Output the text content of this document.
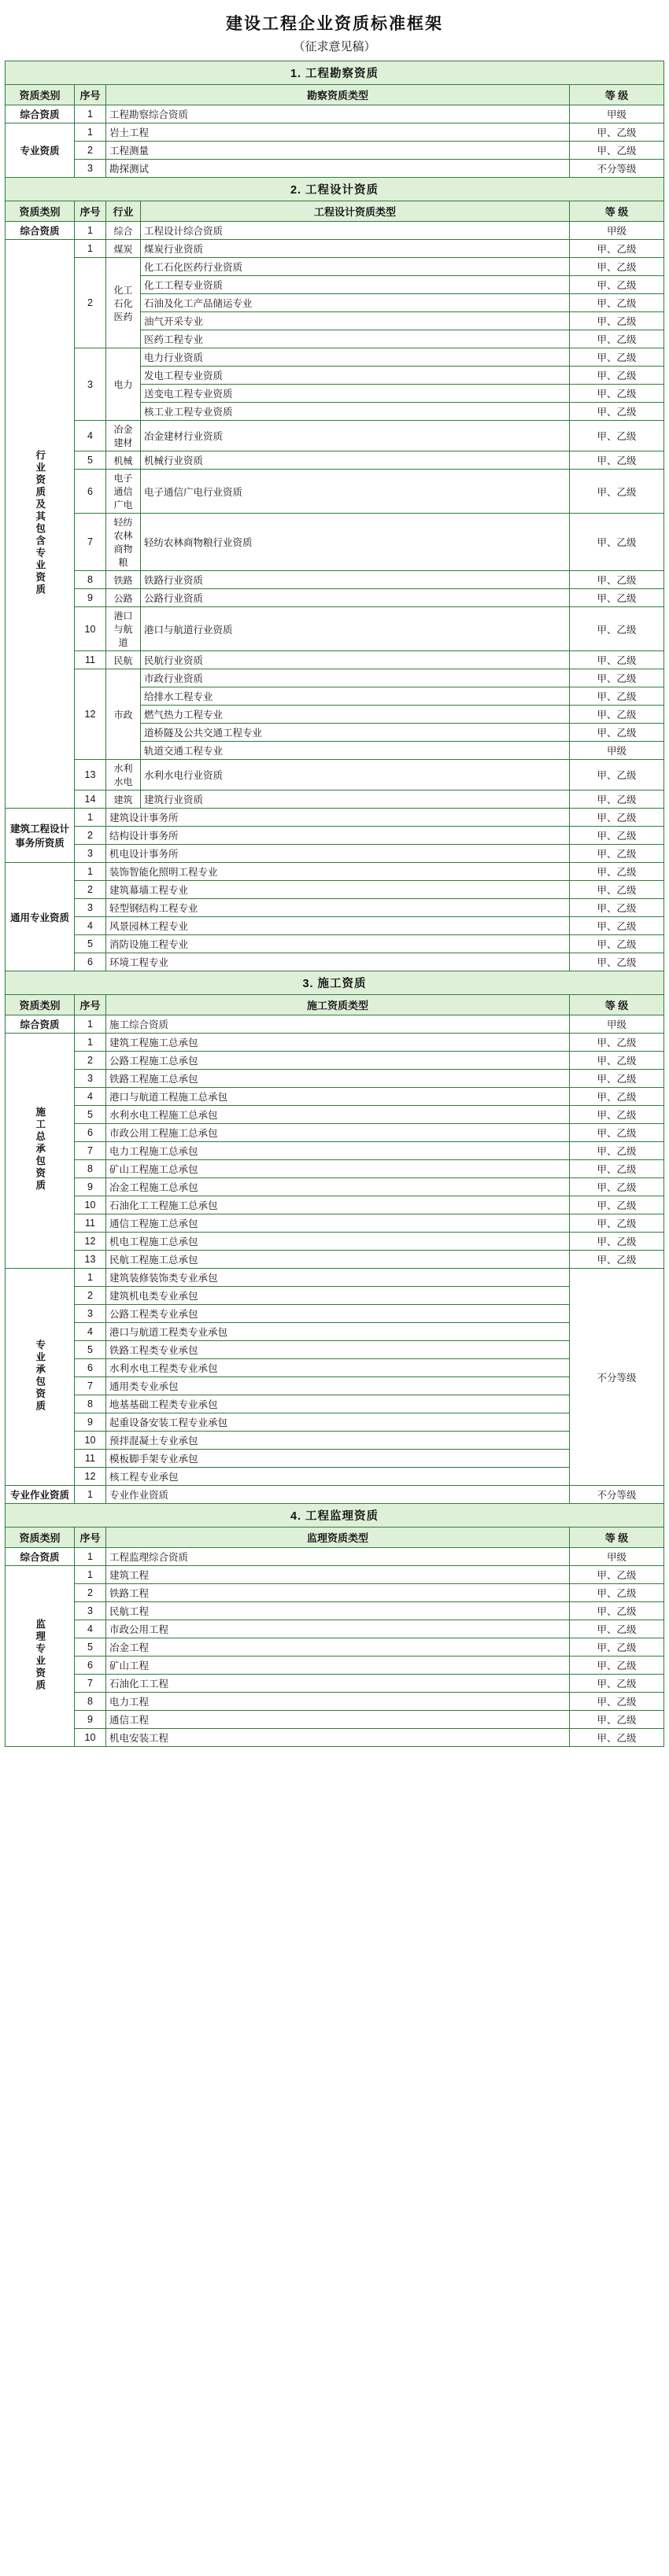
建设工程企业资质标准框架
（征求意见稿）
1. 工程勘察资质				
资质类别	序号	勘察资质类型		等 级
综合资质	1	工程勘察综合资质		甲级
专业资质	1	岩土工程		甲、乙级
	2	工程测量		甲、乙级
	3	勘探测试		不分等级
2. 工程设计资质				
资质类别	序号	行业	工程设计资质类型	等 级
综合资质	1	综合	工程设计综合资质	甲级
行业资质及其包含专业资质	1	煤炭	煤炭行业资质	甲、乙级
	2	化工石化医药	化工石化医药行业资质	甲、乙级
			化工工程专业资质	甲、乙级
			石油及化工产品储运专业	甲、乙级
			油气开采专业	甲、乙级
			医药工程专业	甲、乙级
	3	电力	电力行业资质	甲、乙级
			发电工程专业资质	甲、乙级
			送变电工程专业资质	甲、乙级
			核工业工程专业资质	甲、乙级
	4	冶金建材	冶金建材行业资质	甲、乙级
	5	机械	机械行业资质	甲、乙级
	6	电子通信广电	电子通信广电行业资质	甲、乙级
	7	轻纺农林商物粮	轻纺农林商物粮行业资质	甲、乙级
	8	铁路	铁路行业资质	甲、乙级
	9	公路	公路行业资质	甲、乙级
	10	港口与航道	港口与航道行业资质	甲、乙级
	11	民航	民航行业资质	甲、乙级
	12	市政	市政行业资质	甲、乙级
			给排水工程专业	甲、乙级
			燃气热力工程专业	甲、乙级
			道桥隧及公共交通工程专业	甲、乙级
			轨道交通工程专业	甲级
	13	水利水电	水利水电行业资质	甲、乙级
	14	建筑	建筑行业资质	甲、乙级
建筑工程设计事务所资质	1	建筑设计事务所		甲、乙级
	2	结构设计事务所		甲、乙级
	3	机电设计事务所		甲、乙级
通用专业资质	1	装饰智能化照明工程专业		甲、乙级
	2	建筑幕墙工程专业		甲、乙级
	3	轻型钢结构工程专业		甲、乙级
	4	风景园林工程专业		甲、乙级
	5	消防设施工程专业		甲、乙级
	6	环境工程专业		甲、乙级
3. 施工资质				
资质类别	序号	施工资质类型		等 级
综合资质	1	施工综合资质		甲级
施工总承包资质	1	建筑工程施工总承包		甲、乙级
	2	公路工程施工总承包		甲、乙级
	3	铁路工程施工总承包		甲、乙级
	4	港口与航道工程施工总承包		甲、乙级
	5	水利水电工程施工总承包		甲、乙级
	6	市政公用工程施工总承包		甲、乙级
	7	电力工程施工总承包		甲、乙级
	8	矿山工程施工总承包		甲、乙级
	9	冶金工程施工总承包		甲、乙级
	10	石油化工工程施工总承包		甲、乙级
	11	通信工程施工总承包		甲、乙级
	12	机电工程施工总承包		甲、乙级
	13	民航工程施工总承包		甲、乙级
专业承包资质	1	建筑装修装饰类专业承包		不分等级
	2	建筑机电类专业承包		
	3	公路工程类专业承包		
	4	港口与航道工程类专业承包		
	5	铁路工程类专业承包		
	6	水利水电工程类专业承包		
	7	通用类专业承包		
	8	地基基础工程类专业承包		
	9	起重设备安装工程专业承包		
	10	预拌混凝土专业承包		
	11	模板脚手架专业承包		
	12	核工程专业承包		
专业作业资质	1	专业作业资质		不分等级
4. 工程监理资质				
资质类别	序号	监理资质类型		等 级
综合资质	1	工程监理综合资质		甲级
监理专业资质	1	建筑工程		甲、乙级
	2	铁路工程		甲、乙级
	3	民航工程		甲、乙级
	4	市政公用工程		甲、乙级
	5	冶金工程		甲、乙级
	6	矿山工程		甲、乙级
	7	石油化工工程		甲、乙级
	8	电力工程		甲、乙级
	9	通信工程		甲、乙级
	10	机电安装工程		甲、乙级
